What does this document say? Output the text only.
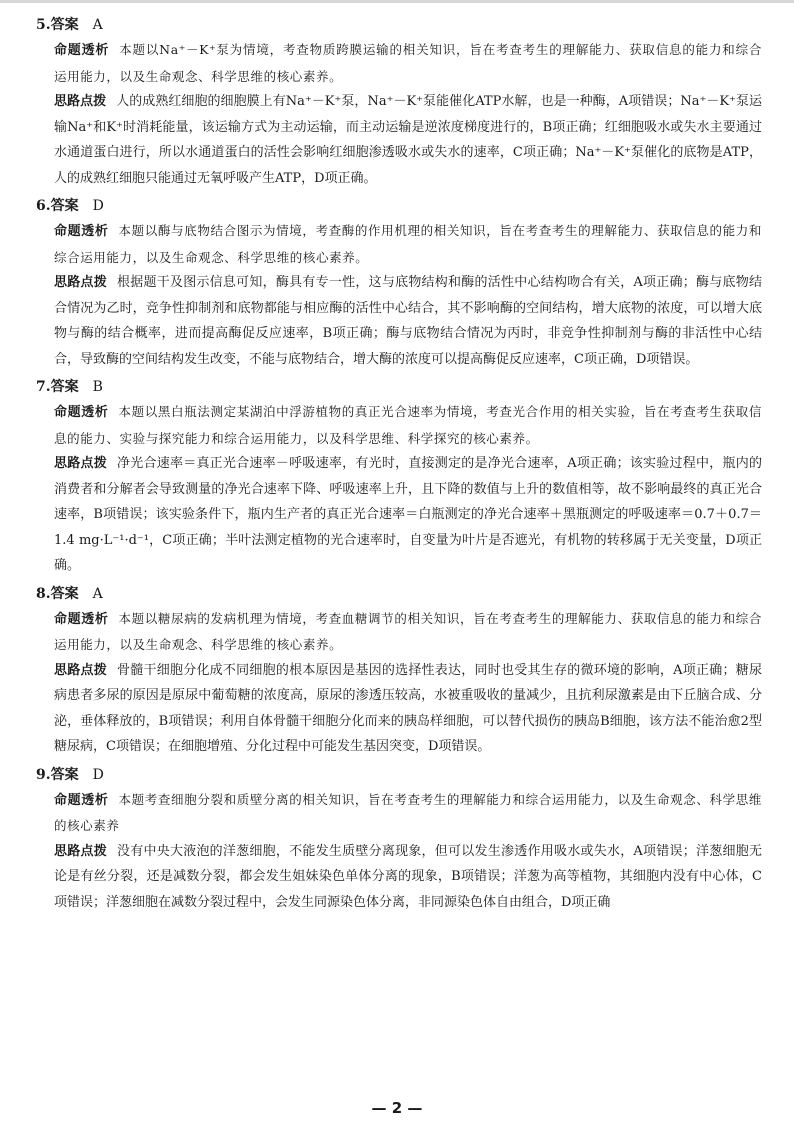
5.答案 A

命题透析 本题以Na⁺－K⁺泵为情境，考查物质跨膜运输的相关知识，旨在考查考生的理解能力、获取信息的能力和综合运用能力，以及生命观念、科学思维的核心素养。

思路点拨 人的成熟红细胞的细胞膜上有Na⁺－K⁺泵，Na⁺－K⁺泵能催化ATP水解，也是一种酶，A项错误；Na⁺－K⁺泵运输Na⁺和K⁺时消耗能量，该运输方式为主动运输，而主动运输是逆浓度梯度进行的，B项正确；红细胞吸水或失水主要通过水通道蛋白进行，所以水通道蛋白的活性会影响红细胞渗透吸水或失水的速率，C项正确；Na⁺－K⁺泵催化的底物是ATP，人的成熟红细胞只能通过无氧呼吸产生ATP，D项正确。

6.答案 D

命题透析 本题以酶与底物结合图示为情境，考查酶的作用机理的相关知识，旨在考查考生的理解能力、获取信息的能力和综合运用能力，以及生命观念、科学思维的核心素养。

思路点拨 根据题干及图示信息可知，酶具有专一性，这与底物结构和酶的活性中心结构吻合有关，A项正确；酶与底物结合情况为乙时，竞争性抑制剂和底物都能与相应酶的活性中心结合，其不影响酶的空间结构，增大底物的浓度，可以增大底物与酶的结合概率，进而提高酶促反应速率，B项正确；酶与底物结合情况为丙时，非竞争性抑制剂与酶的非活性中心结合，导致酶的空间结构发生改变，不能与底物结合，增大酶的浓度可以提高酶促反应速率，C项正确，D项错误。

7.答案 B

命题透析 本题以黑白瓶法测定某湖泊中浮游植物的真正光合速率为情境，考查光合作用的相关实验，旨在考查考生获取信息的能力、实验与探究能力和综合运用能力，以及科学思维、科学探究的核心素养。

思路点拨 净光合速率＝真正光合速率－呼吸速率，有光时，直接测定的是净光合速率，A项正确；该实验过程中，瓶内的消费者和分解者会导致测量的净光合速率下降、呼吸速率上升，且下降的数值与上升的数值相等，故不影响最终的真正光合速率，B项错误；该实验条件下，瓶内生产者的真正光合速率＝白瓶测定的净光合速率＋黑瓶测定的呼吸速率＝0.7＋0.7＝1.4 mg·L⁻¹·d⁻¹，C项正确；半叶法测定植物的光合速率时，自变量为叶片是否遮光，有机物的转移属于无关变量，D项正确。

8.答案 A

命题透析 本题以糖尿病的发病机理为情境，考查血糖调节的相关知识，旨在考查考生的理解能力、获取信息的能力和综合运用能力，以及生命观念、科学思维的核心素养。

思路点拨 骨髓干细胞分化成不同细胞的根本原因是基因的选择性表达，同时也受其生存的微环境的影响，A项正确；糖尿病患者多尿的原因是原尿中葡萄糖的浓度高，原尿的渗透压较高，水被重吸收的量减少，且抗利尿激素是由下丘脑合成、分泌，垂体释放的，B项错误；利用自体骨髓干细胞分化而来的胰岛样细胞，可以替代损伤的胰岛B细胞，该方法不能治愈2型糖尿病，C项错误；在细胞增殖、分化过程中可能发生基因突变，D项错误。

9.答案 D

命题透析 本题考查细胞分裂和质壁分离的相关知识，旨在考查考生的理解能力和综合运用能力，以及生命观念、科学思维的核心素养

思路点拨 没有中央大液泡的洋葱细胞，不能发生质壁分离现象，但可以发生渗透作用吸水或失水，A项错误；洋葱细胞无论是有丝分裂，还是减数分裂，都会发生姐妹染色单体分离的现象，B项错误；洋葱为高等植物，其细胞内没有中心体，C项错误；洋葱细胞在减数分裂过程中，会发生同源染色体分离，非同源染色体自由组合，D项正确

— 2 —
